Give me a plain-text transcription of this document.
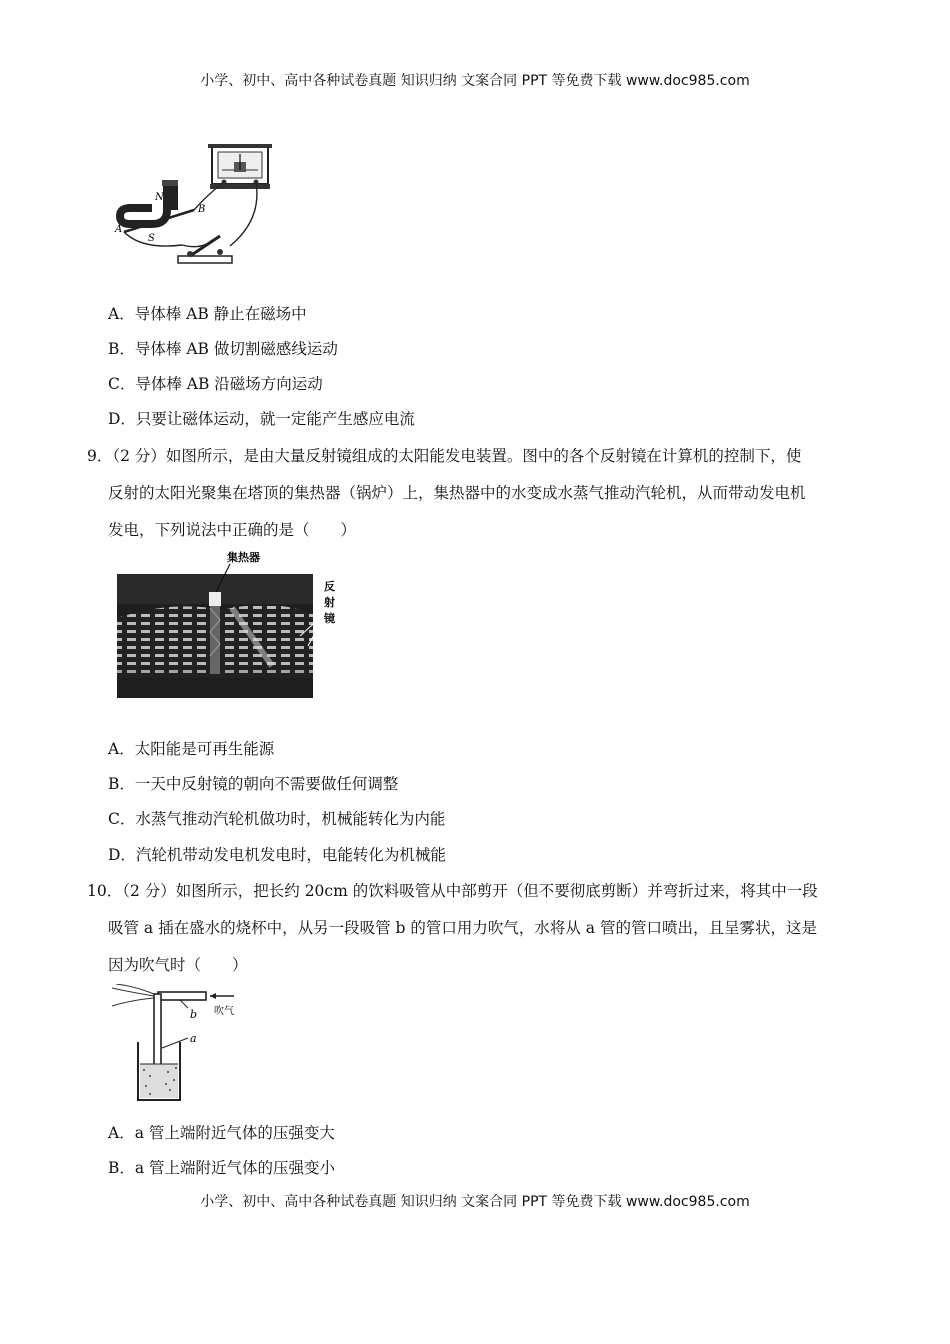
小学、初中、高中各种试卷真题 知识归纳 文案合同 PPT 等免费下载 www.doc985.com
N
S
A
B
A．导体棒 AB 静止在磁场中
B．导体棒 AB 做切割磁感线运动
C．导体棒 AB 沿磁场方向运动
D．只要让磁体运动，就一定能产生感应电流
9．（2 分）如图所示，是由大量反射镜组成的太阳能发电装置。图中的各个反射镜在计算机的控制下，使
反射的太阳光聚集在塔顶的集热器（锅炉）上，集热器中的水变成水蒸气推动汽轮机，从而带动发电机
发电，下列说法中正确的是（　　）
集热器
反
射
镜
A．太阳能是可再生能源
B．一天中反射镜的朝向不需要做任何调整
C．水蒸气推动汽轮机做功时，机械能转化为内能
D．汽轮机带动发电机发电时，电能转化为机械能
10．（2 分）如图所示，把长约 20cm 的饮料吸管从中部剪开（但不要彻底剪断）并弯折过来，将其中一段
吸管 a 插在盛水的烧杯中，从另一段吸管 b 的管口用力吹气，水将从 a 管的管口喷出，且呈雾状，这是
因为吹气时（　　）
b 吹气
a
A．a 管上端附近气体的压强变大
B．a 管上端附近气体的压强变小
小学、初中、高中各种试卷真题 知识归纳 文案合同 PPT 等免费下载 www.doc985.com
